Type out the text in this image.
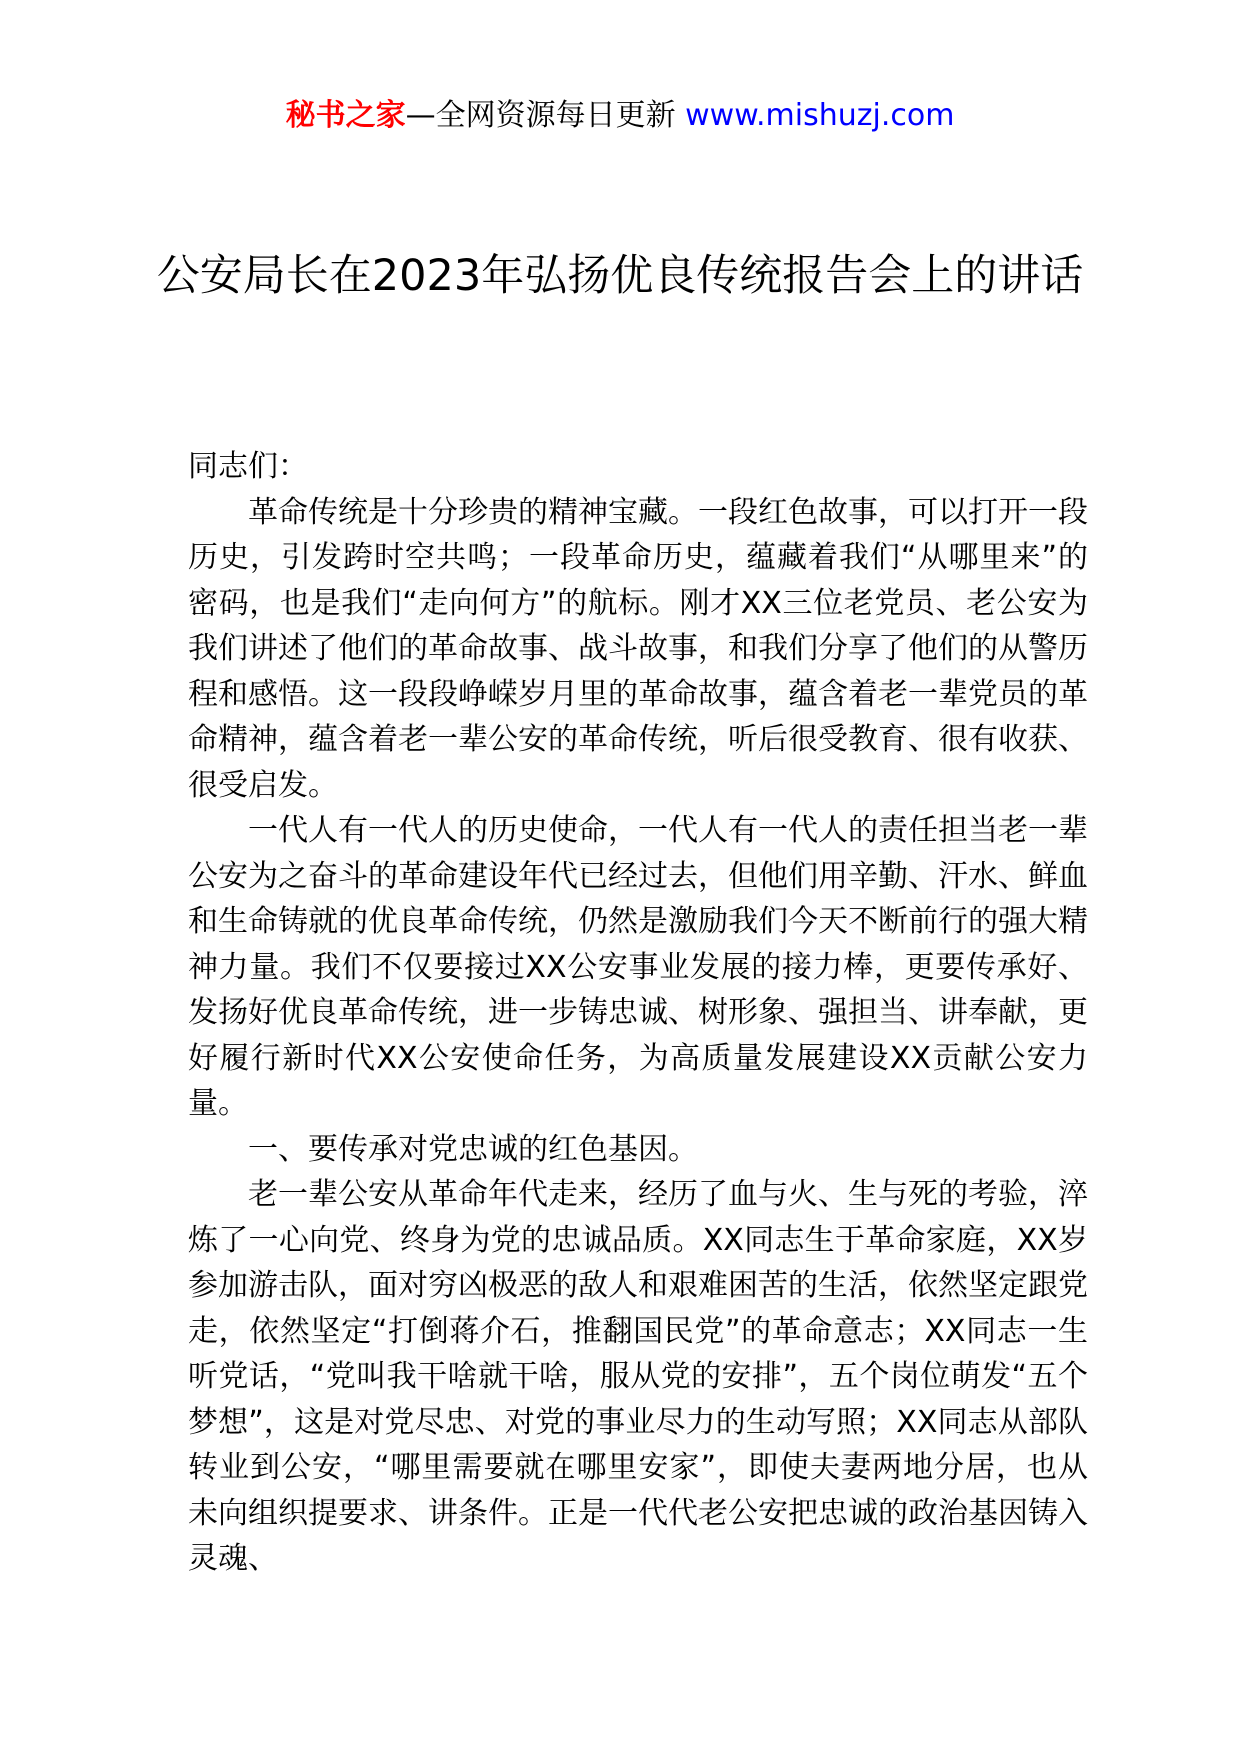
秘书之家—全网资源每日更新 www.mishuzj.com
公安局长在2023年弘扬优良传统报告会上的讲话

同志们：

革命传统是十分珍贵的精神宝藏。一段红色故事，可以打开一段历史，引发跨时空共鸣；一段革命历史，蕴藏着我们“从哪里来”的密码，也是我们“走向何方”的航标。刚才XX三位老党员、老公安为我们讲述了他们的革命故事、战斗故事，和我们分享了他们的从警历程和感悟。这一段段峥嵘岁月里的革命故事，蕴含着老一辈党员的革命精神，蕴含着老一辈公安的革命传统，听后很受教育、很有收获、很受启发。

一代人有一代人的历史使命，一代人有一代人的责任担当老一辈公安为之奋斗的革命建设年代已经过去，但他们用辛勤、汗水、鲜血和生命铸就的优良革命传统，仍然是激励我们今天不断前行的强大精神力量。我们不仅要接过XX公安事业发展的接力棒，更要传承好、发扬好优良革命传统，进一步铸忠诚、树形象、强担当、讲奉献，更好履行新时代XX公安使命任务，为高质量发展建设XX贡献公安力量。

一、要传承对党忠诚的红色基因。

老一辈公安从革命年代走来，经历了血与火、生与死的考验，淬炼了一心向党、终身为党的忠诚品质。XX同志生于革命家庭，XX岁参加游击队，面对穷凶极恶的敌人和艰难困苦的生活，依然坚定跟党走，依然坚定“打倒蒋介石，推翻国民党”的革命意志；XX同志一生听党话，“党叫我干啥就干啥，服从党的安排”，五个岗位萌发“五个梦想”，这是对党尽忠、对党的事业尽力的生动写照；XX同志从部队转业到公安，“哪里需要就在哪里安家”，即使夫妻两地分居，也从未向组织提要求、讲条件。正是一代代老公安把忠诚的政治基因铸入灵魂、
